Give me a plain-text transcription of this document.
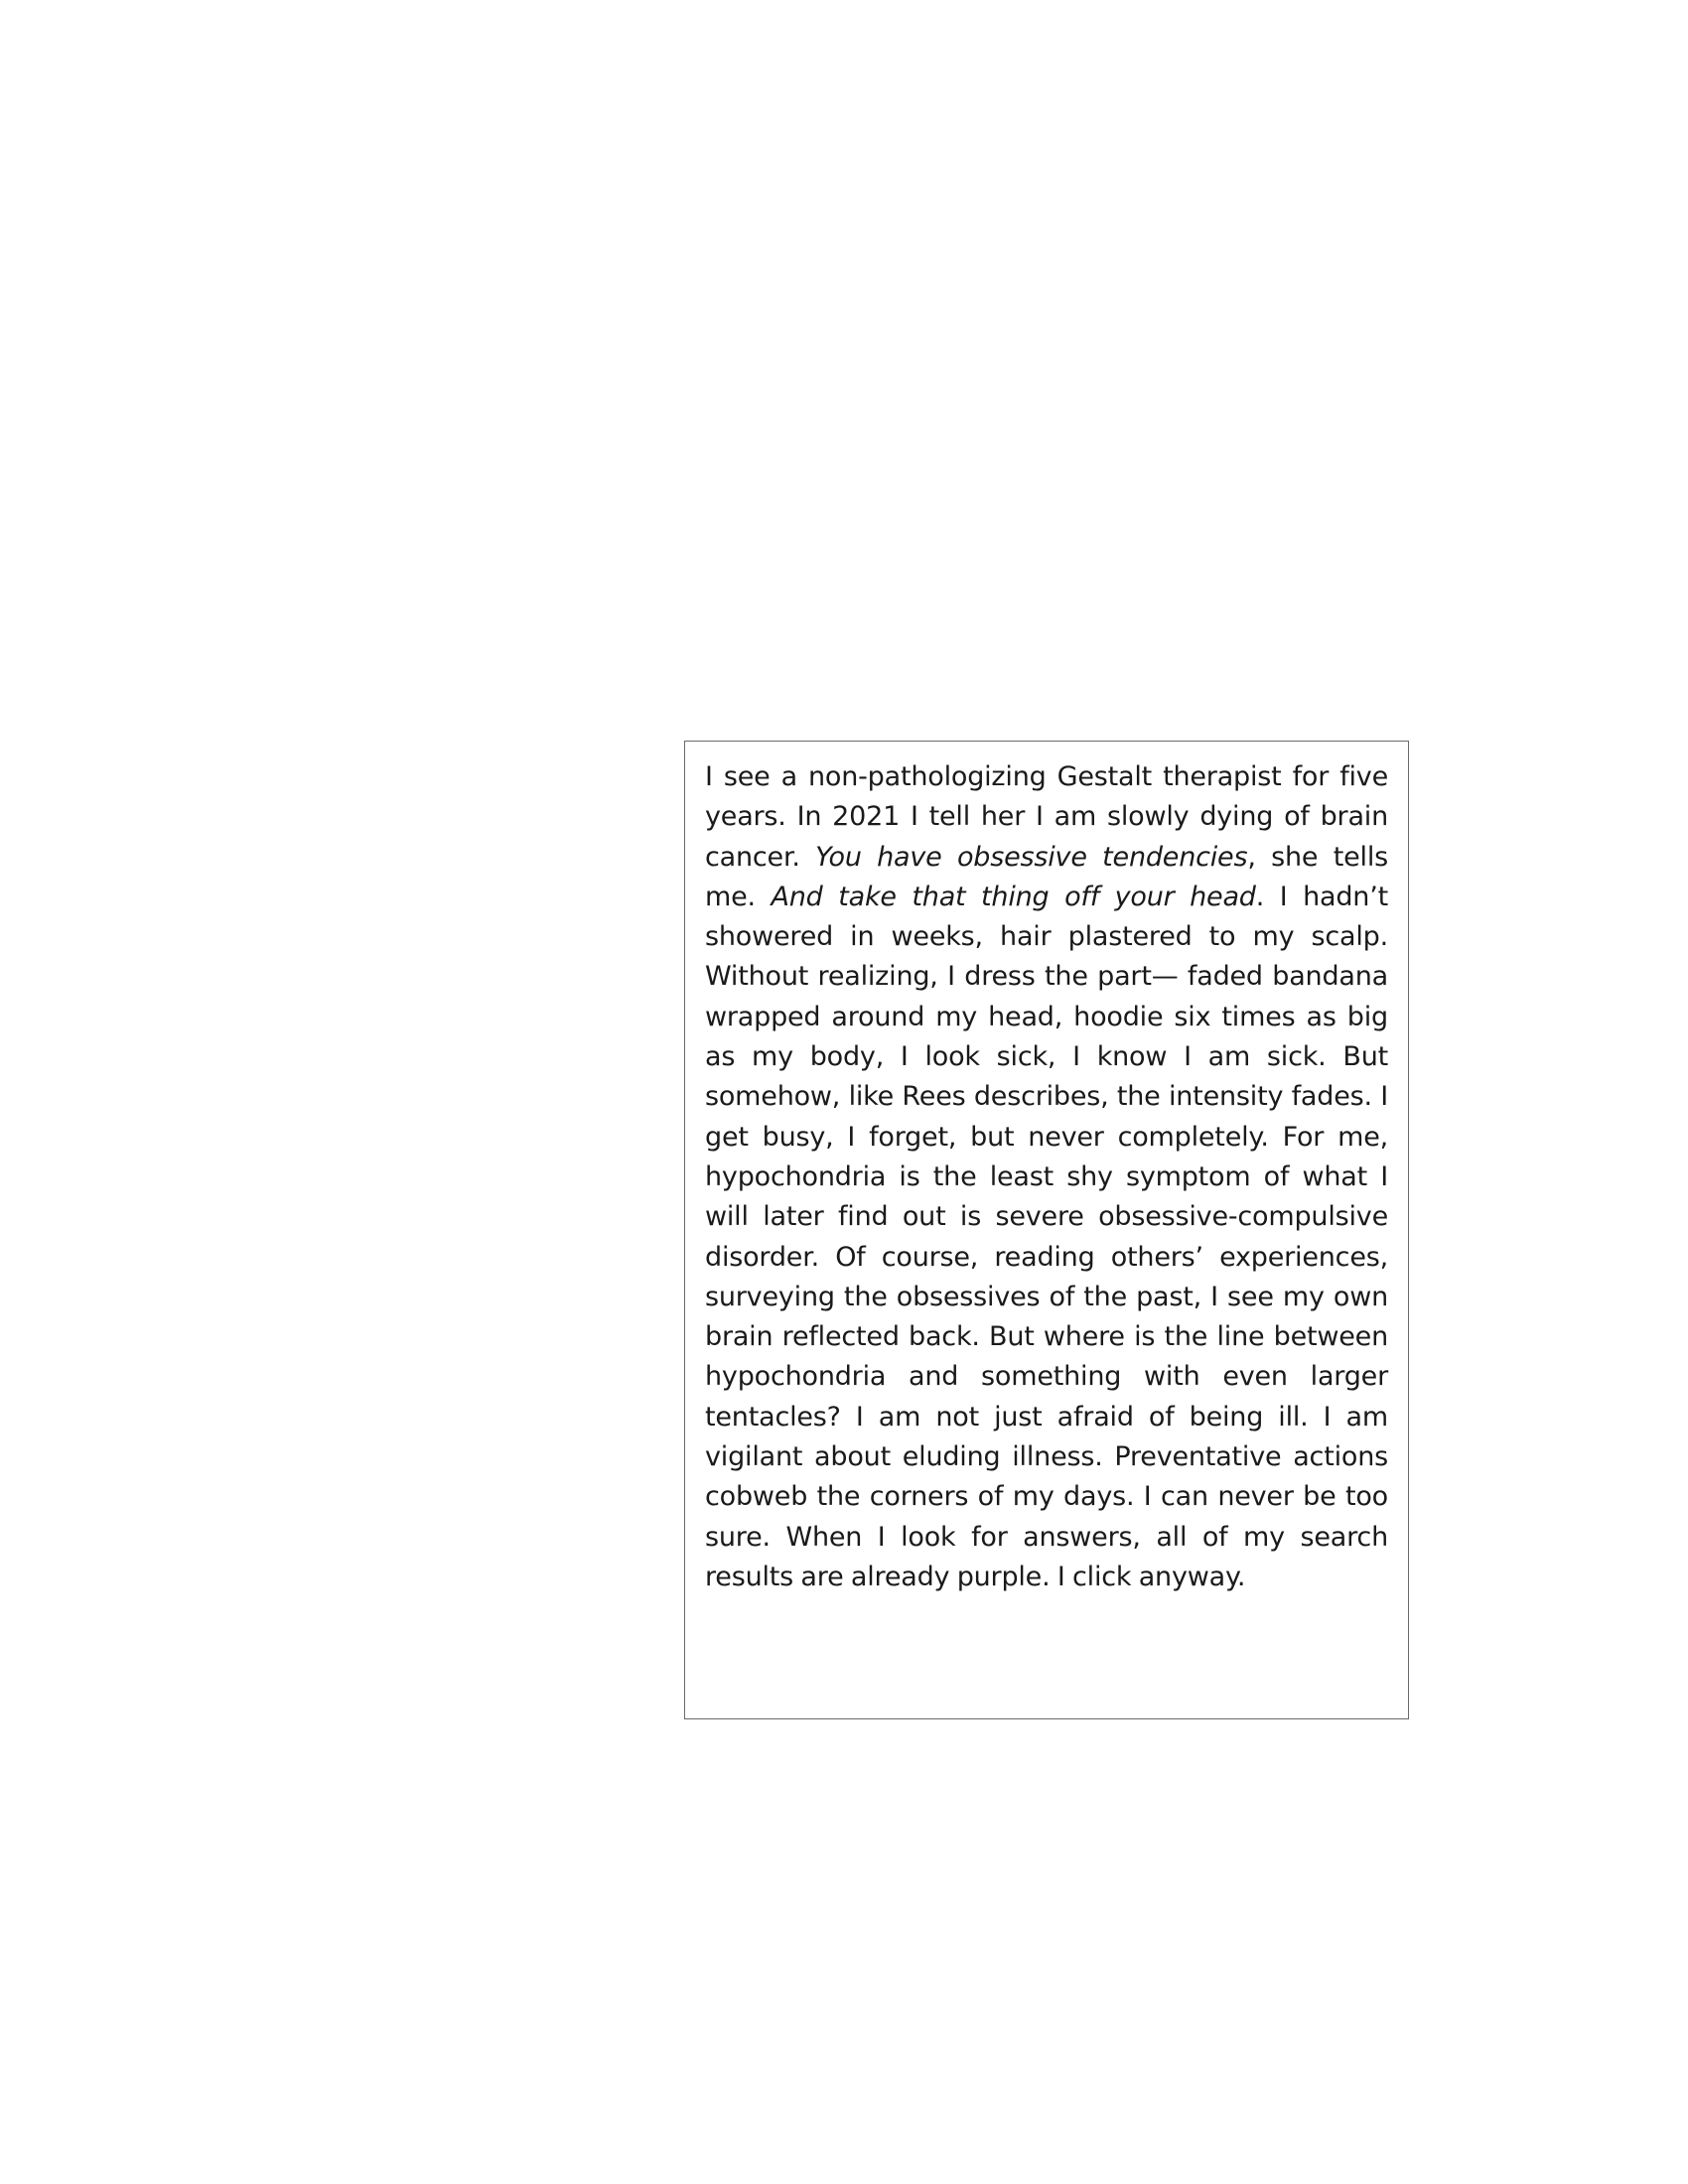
I see a non-pathologizing Gestalt therapist for five years. In 2021 I tell her I am slowly dying of brain cancer. You have obsessive tendencies, she tells me. And take that thing off your head. I hadn’t showered in weeks, hair plastered to my scalp. Without realizing, I dress the part— faded bandana wrapped around my head, hoodie six times as big as my body, I look sick, I know I am sick. But somehow, like Rees describes, the intensity fades. I get busy, I forget, but never completely. For me, hypochondria is the least shy symptom of what I will later find out is severe obsessive-compulsive disorder. Of course, reading others’ experiences, surveying the obsessives of the past, I see my own brain reflected back. But where is the line between hypochondria and something with even larger tentacles? I am not just afraid of being ill. I am vigilant about eluding illness. Preventative actions cobweb the corners of my days. I can never be too sure. When I look for answers, all of my search results are already purple. I click anyway.
